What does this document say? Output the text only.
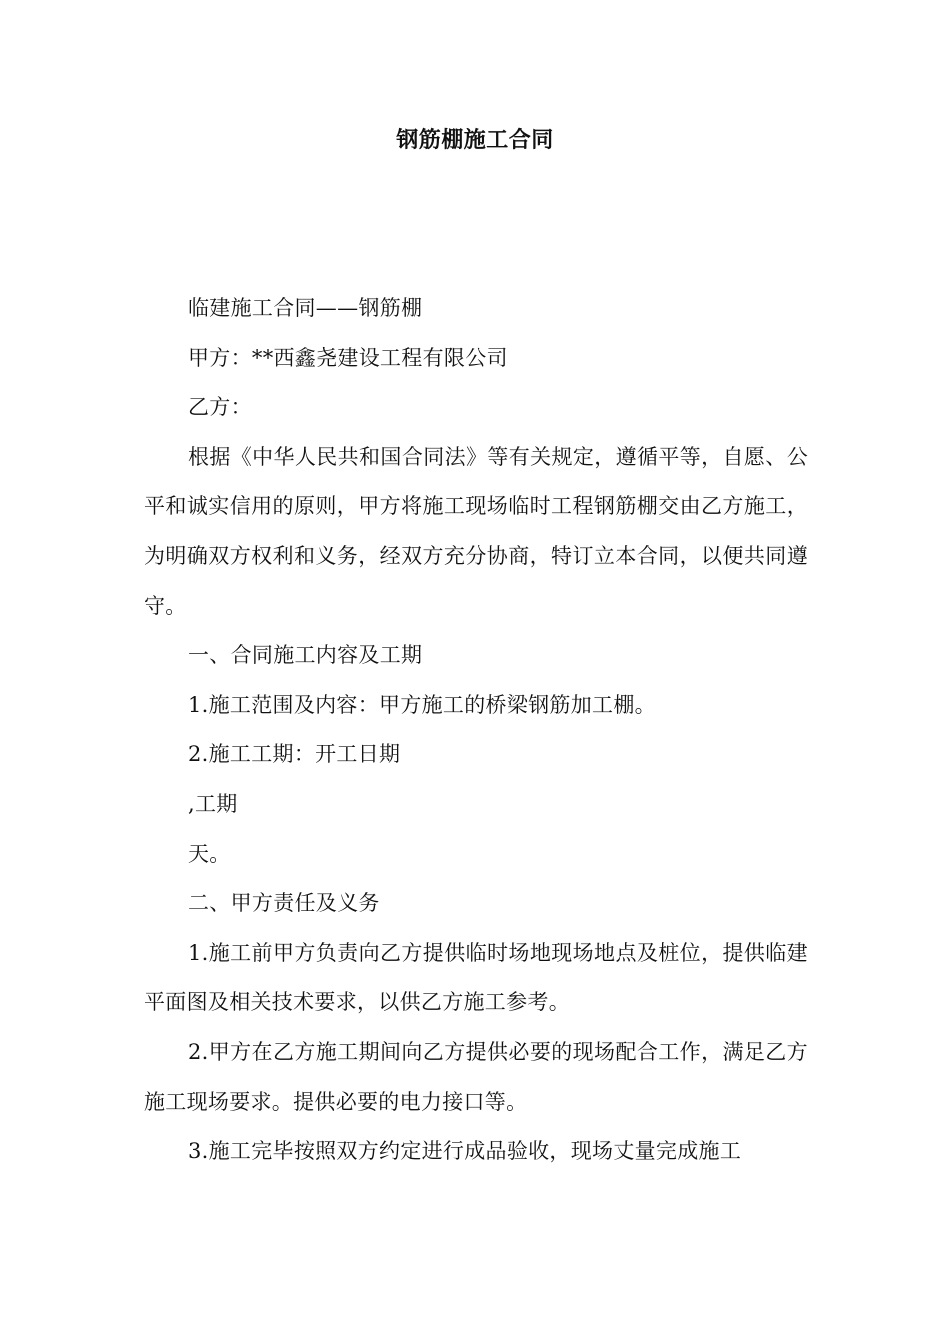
钢筋棚施工合同

临建施工合同——钢筋棚

甲方：**西鑫尧建设工程有限公司

乙方：

根据《中华人民共和国合同法》等有关规定，遵循平等，自愿、公平和诚实信用的原则，甲方将施工现场临时工程钢筋棚交由乙方施工，为明确双方权利和义务，经双方充分协商，特订立本合同，以便共同遵守。

一、合同施工内容及工期

1.施工范围及内容：甲方施工的桥梁钢筋加工棚。

2.施工工期：开工日期

,工期

天。

二、甲方责任及义务

1.施工前甲方负责向乙方提供临时场地现场地点及桩位，提供临建平面图及相关技术要求，以供乙方施工参考。

2.甲方在乙方施工期间向乙方提供必要的现场配合工作，满足乙方施工现场要求。提供必要的电力接口等。

3.施工完毕按照双方约定进行成品验收，现场丈量完成施工
